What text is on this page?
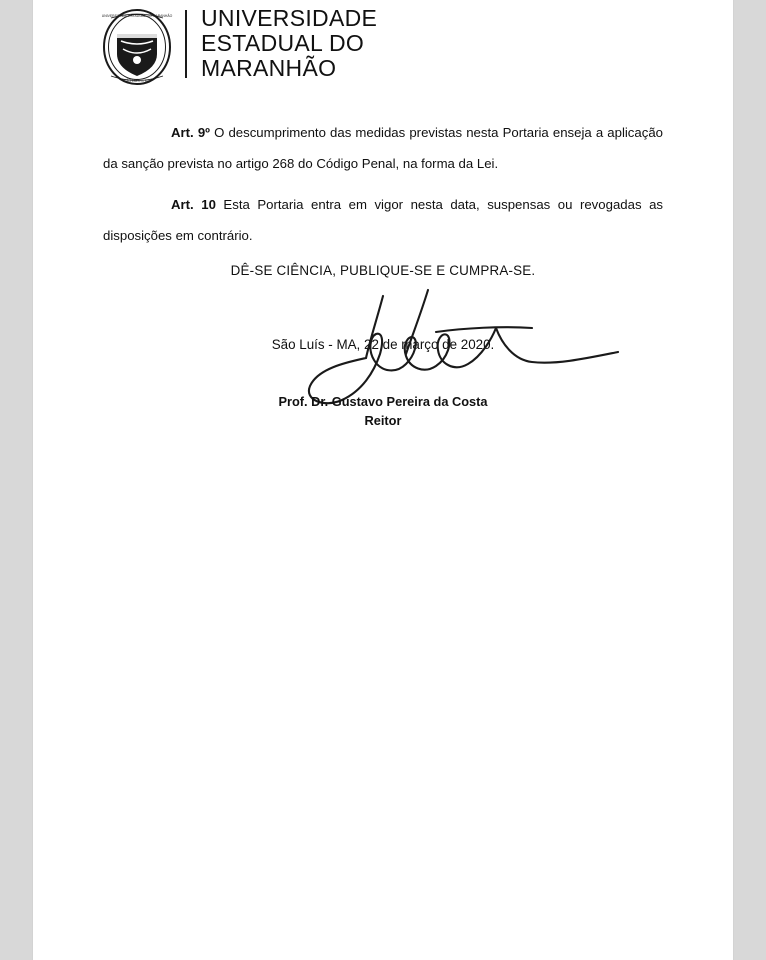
UNIVERSIDADE ESTADUAL DO MARANHÃO
SÃO LUÍS — MA
UNIVERSIDADE
ESTADUAL DO
MARANHÃO

Art. 9º O descumprimento das medidas previstas nesta Portaria enseja a aplicação da sanção prevista no artigo 268 do Código Penal, na forma da Lei.

Art. 10 Esta Portaria entra em vigor nesta data, suspensas ou revogadas as disposições em contrário.

DÊ-SE CIÊNCIA, PUBLIQUE-SE E CUMPRA-SE.
São Luís - MA, 22 de março de 2020.
Prof. Dr. Gustavo Pereira da Costa
Reitor
